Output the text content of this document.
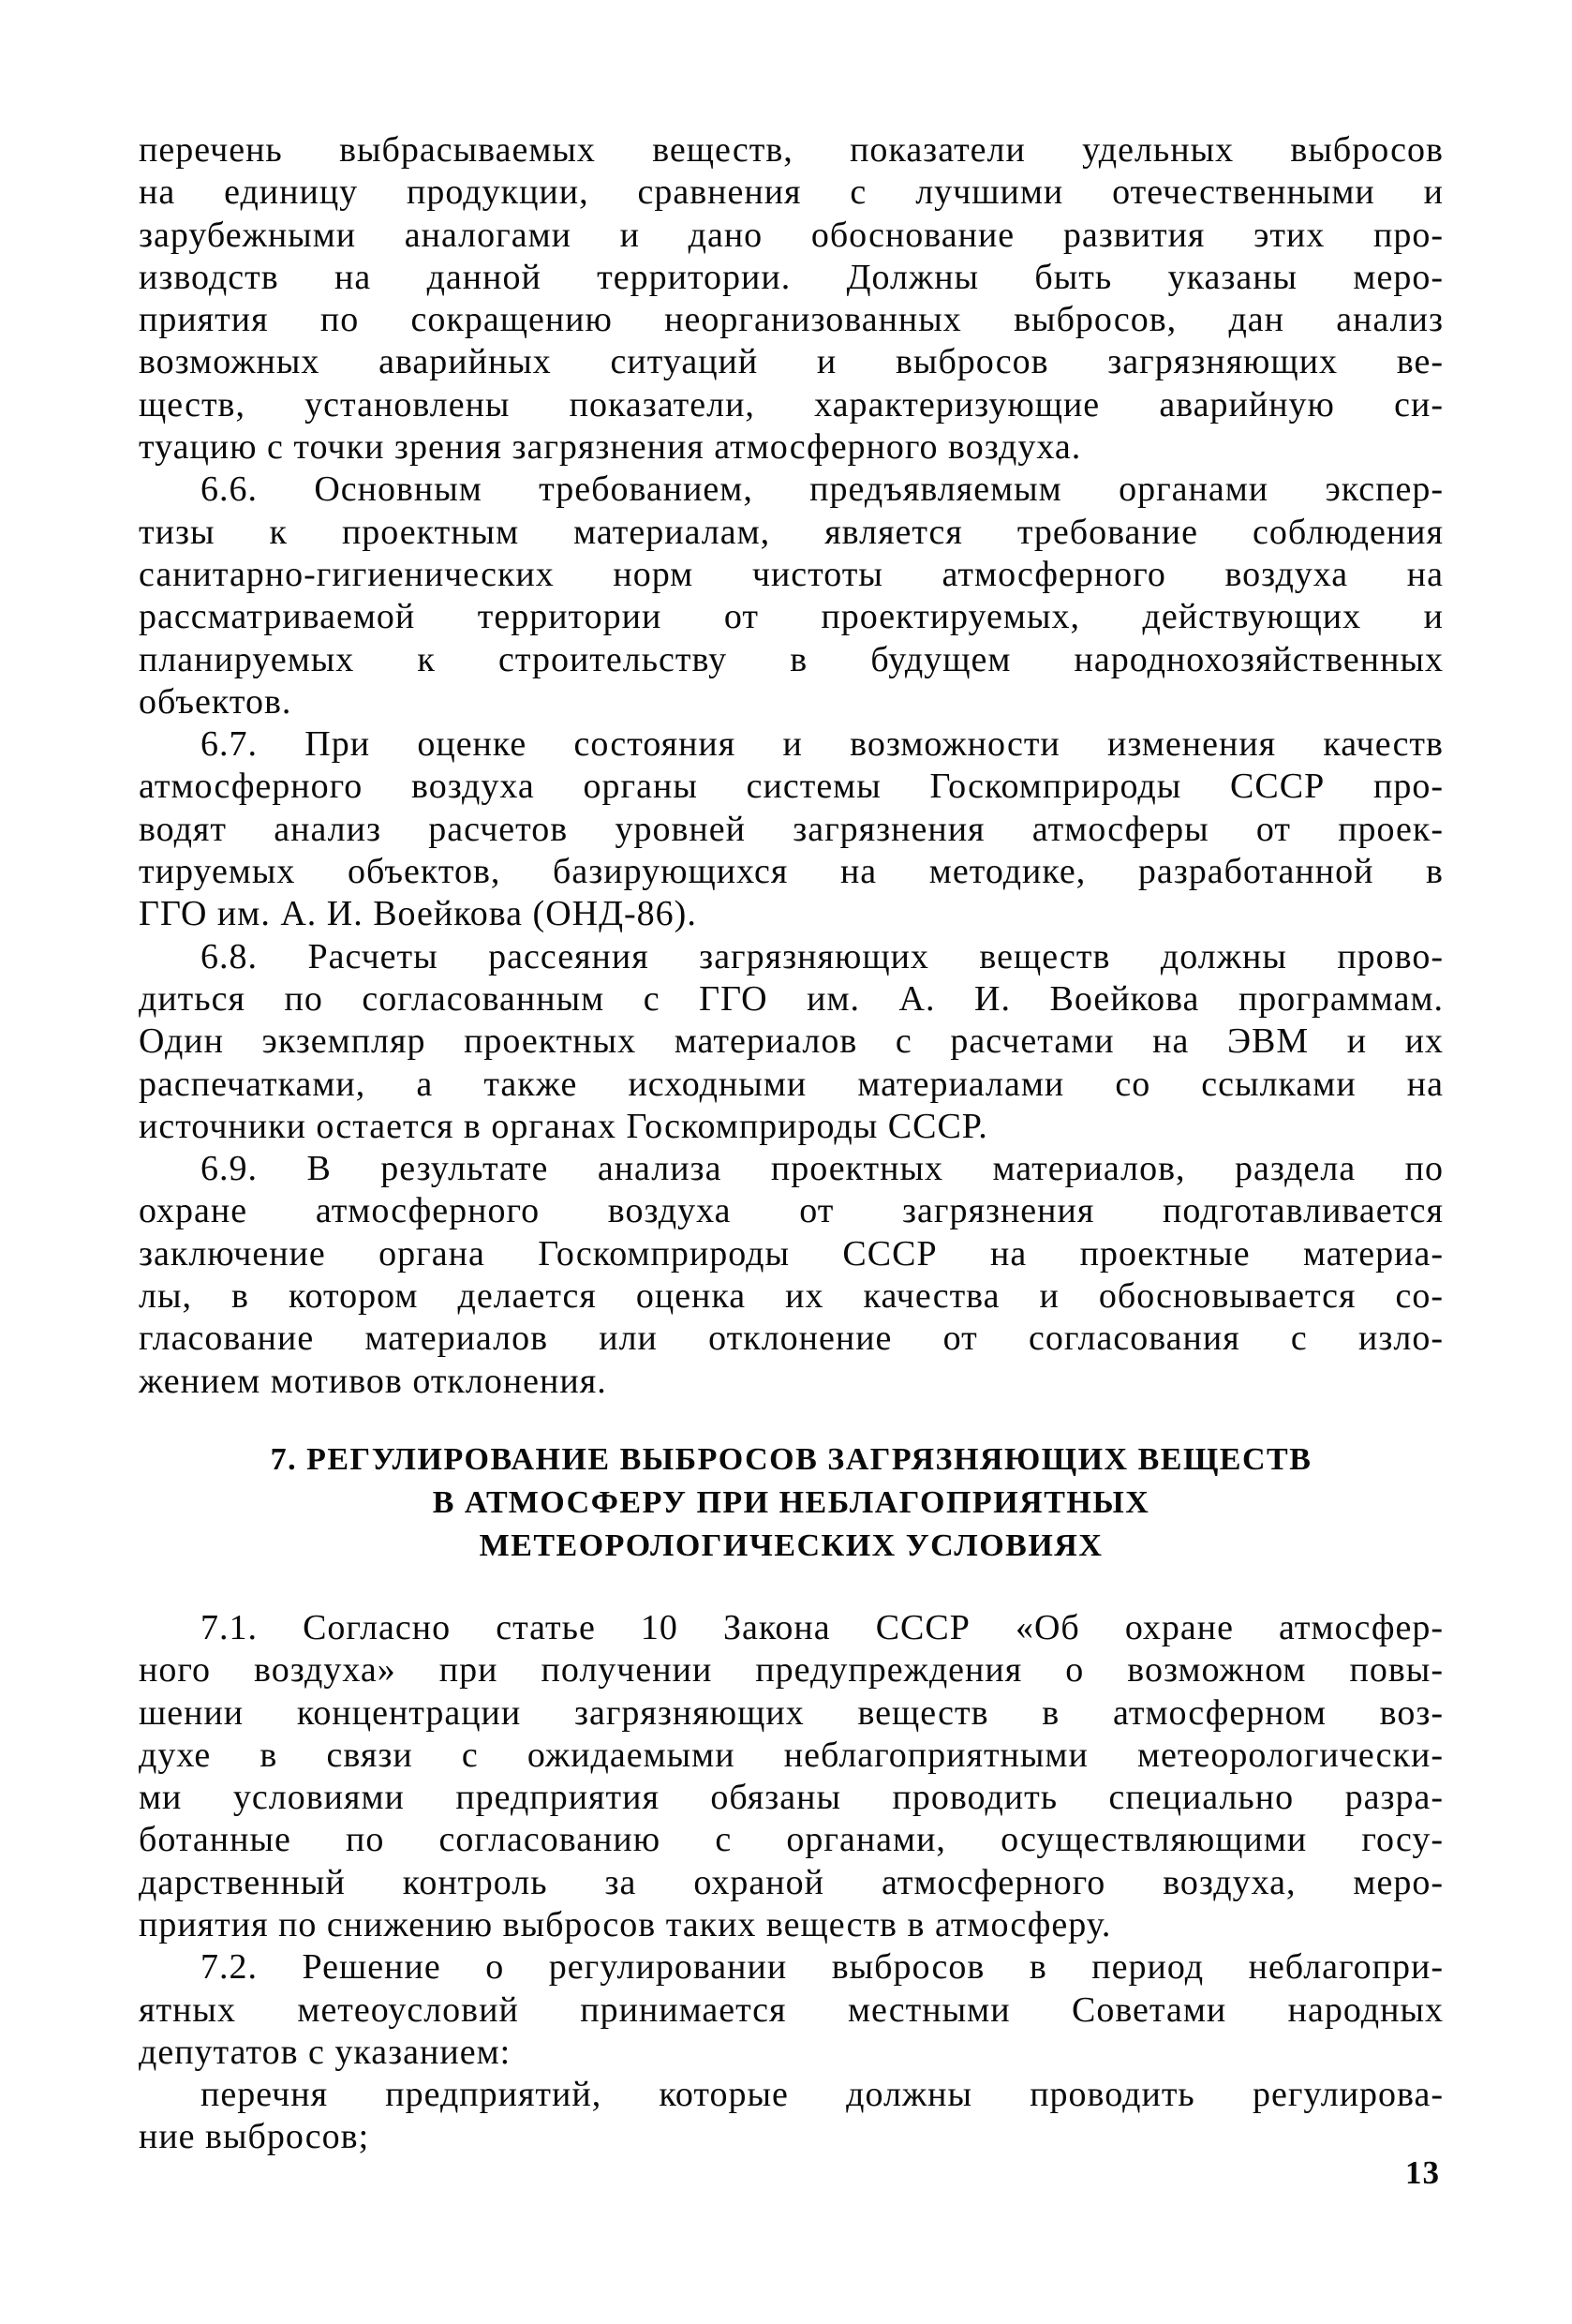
перечень выбрасываемых веществ, показатели удельных выбросов
на единицу продукции, сравнения с лучшими отечественными и
зарубежными аналогами и дано обоснование развития этих про-
изводств на данной территории. Должны быть указаны меро-
приятия по сокращению неорганизованных выбросов, дан анализ
возможных аварийных ситуаций и выбросов загрязняющих ве-
ществ, установлены показатели, характеризующие аварийную си-
туацию с точки зрения загрязнения атмосферного воздуха.
6.6. Основным требованием, предъявляемым органами экспер-
тизы к проектным материалам, является требование соблюдения
санитарно-гигиенических норм чистоты атмосферного воздуха на
рассматриваемой территории от проектируемых, действующих и
планируемых к строительству в будущем народнохозяйственных
объектов.
6.7. При оценке состояния и возможности изменения качеств
атмосферного воздуха органы системы Госкомприроды СССР про-
водят анализ расчетов уровней загрязнения атмосферы от проек-
тируемых объектов, базирующихся на методике, разработанной в
ГГО им. А. И. Воейкова (ОНД-86).
6.8. Расчеты рассеяния загрязняющих веществ должны прово-
диться по согласованным с ГГО им. А. И. Воейкова программам.
Один экземпляр проектных материалов с расчетами на ЭВМ и их
распечатками, а также исходными материалами со ссылками на
источники остается в органах Госкомприроды СССР.
6.9. В результате анализа проектных материалов, раздела по
охране атмосферного воздуха от загрязнения подготавливается
заключение органа Госкомприроды СССР на проектные материа-
лы, в котором делается оценка их качества и обосновывается со-
гласование материалов или отклонение от согласования с изло-
жением мотивов отклонения.
7. РЕГУЛИРОВАНИЕ ВЫБРОСОВ ЗАГРЯЗНЯЮЩИХ ВЕЩЕСТВ
В АТМОСФЕРУ ПРИ НЕБЛАГОПРИЯТНЫХ
МЕТЕОРОЛОГИЧЕСКИХ УСЛОВИЯХ
7.1. Согласно статье 10 Закона СССР «Об охране атмосфер-
ного воздуха» при получении предупреждения о возможном повы-
шении концентрации загрязняющих веществ в атмосферном воз-
духе в связи с ожидаемыми неблагоприятными метеорологически-
ми условиями предприятия обязаны проводить специально разра-
ботанные по согласованию с органами, осуществляющими госу-
дарственный контроль за охраной атмосферного воздуха, меро-
приятия по снижению выбросов таких веществ в атмосферу.
7.2. Решение о регулировании выбросов в период неблагопри-
ятных метеоусловий принимается местными Советами народных
депутатов с указанием:
перечня предприятий, которые должны проводить регулирова-
ние выбросов;
13
